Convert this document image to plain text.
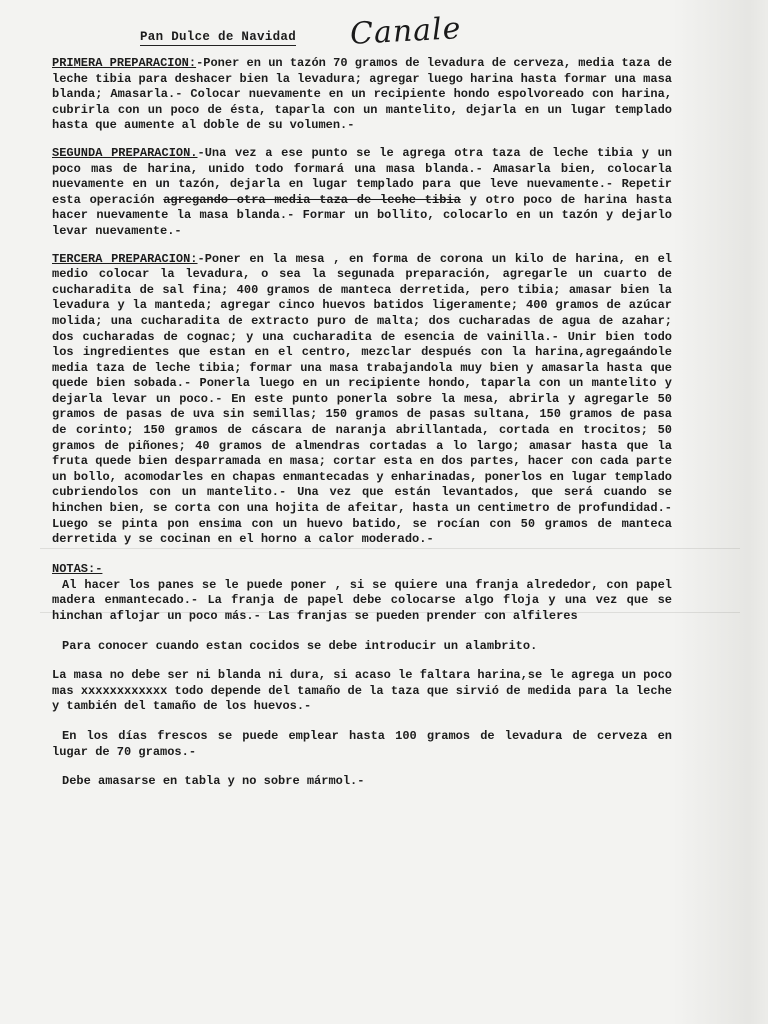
Pan Dulce de Navidad Canale

PRIMERA PREPARACION:-Poner en un tazón 70 gramos de levadura de cerveza, media taza de leche tibia para deshacer bien la levadura; agregar luego harina hasta formar una masa blanda; Amasarla.- Colocar nuevamente en un recipiente hondo espolvoreado con harina, cubrirla con un poco de ésta, taparla con un mantelito, dejarla en un lugar templado hasta que aumente al doble de su volumen.-

SEGUNDA PREPARACION.-Una vez a ese punto se le agrega otra taza de leche tibia y un poco mas de harina, unido todo formará una masa blanda.- Amasarla bien, colocarla nuevamente en un tazón, dejarla en lugar templado para que leve nuevamente.- Repetir esta operación agregando otra media taza de leche tibia y otro poco de harina hasta hacer nuevamente la masa blanda.- Formar un bollito, colocarlo en un tazón y dejarlo levar nuevamente.-

TERCERA PREPARACION:-Poner en la mesa , en forma de corona un kilo de harina, en el medio colocar la levadura, o sea la segunada preparación, agregarle un cuarto de cucharadita de sal fina; 400 gramos de manteca derretida, pero tibia; amasar bien la levadura y la manteda; agregar cinco huevos batidos ligeramente; 400 gramos de azúcar molida; una cucharadita de extracto puro de malta; dos cucharadas de agua de azahar; dos cucharadas de cognac; y una cucharadita de esencia de vainilla.- Unir bien todo los ingredientes que estan en el centro, mezclar después con la harina,agregaándole media taza de leche tibia; formar una masa trabajandola muy bien y amasarla hasta que quede bien sobada.- Ponerla luego en un recipiente hondo, taparla con un mantelito y dejarla levar un poco.- En este punto ponerla sobre la mesa, abrirla y agregarle 50 gramos de pasas de uva sin semillas; 150 gramos de pasas sultana, 150 gramos de pasa de corinto; 150 gramos de cáscara de naranja abrillantada, cortada en trocitos; 50 gramos de piñones; 40 gramos de almendras cortadas a lo largo; amasar hasta que la fruta quede bien desparramada en masa; cortar esta en dos partes, hacer con cada parte un bollo, acomodarles en chapas enmantecadas y enharinadas, ponerlos en lugar templado cubriendolos con un mantelito.- Una vez que están levantados, que será cuando se hinchen bien, se corta con una hojita de afeitar, hasta un centimetro de profundidad.- Luego se pinta pon ensima con un huevo batido, se rocían con 50 gramos de manteca derretida y se cocinan en el horno a calor moderado.-

NOTAS:-

Al hacer los panes se le puede poner , si se quiere una franja alrededor, con papel madera enmantecado.- La franja de papel debe colocarse algo floja y una vez que se hinchan aflojar un poco más.- Las franjas se pueden prender con alfileres

Para conocer cuando estan cocidos se debe introducir un alambrito.

La masa no debe ser ni blanda ni dura, si acaso le faltara harina,se le agrega un poco mas xxxxxxxxxxxx todo depende del tamaño de la taza que sirvió de medida para la leche y también del tamaño de los huevos.-

En los días frescos se puede emplear hasta 100 gramos de levadura de cerveza en lugar de 70 gramos.-

Debe amasarse en tabla y no sobre mármol.-
